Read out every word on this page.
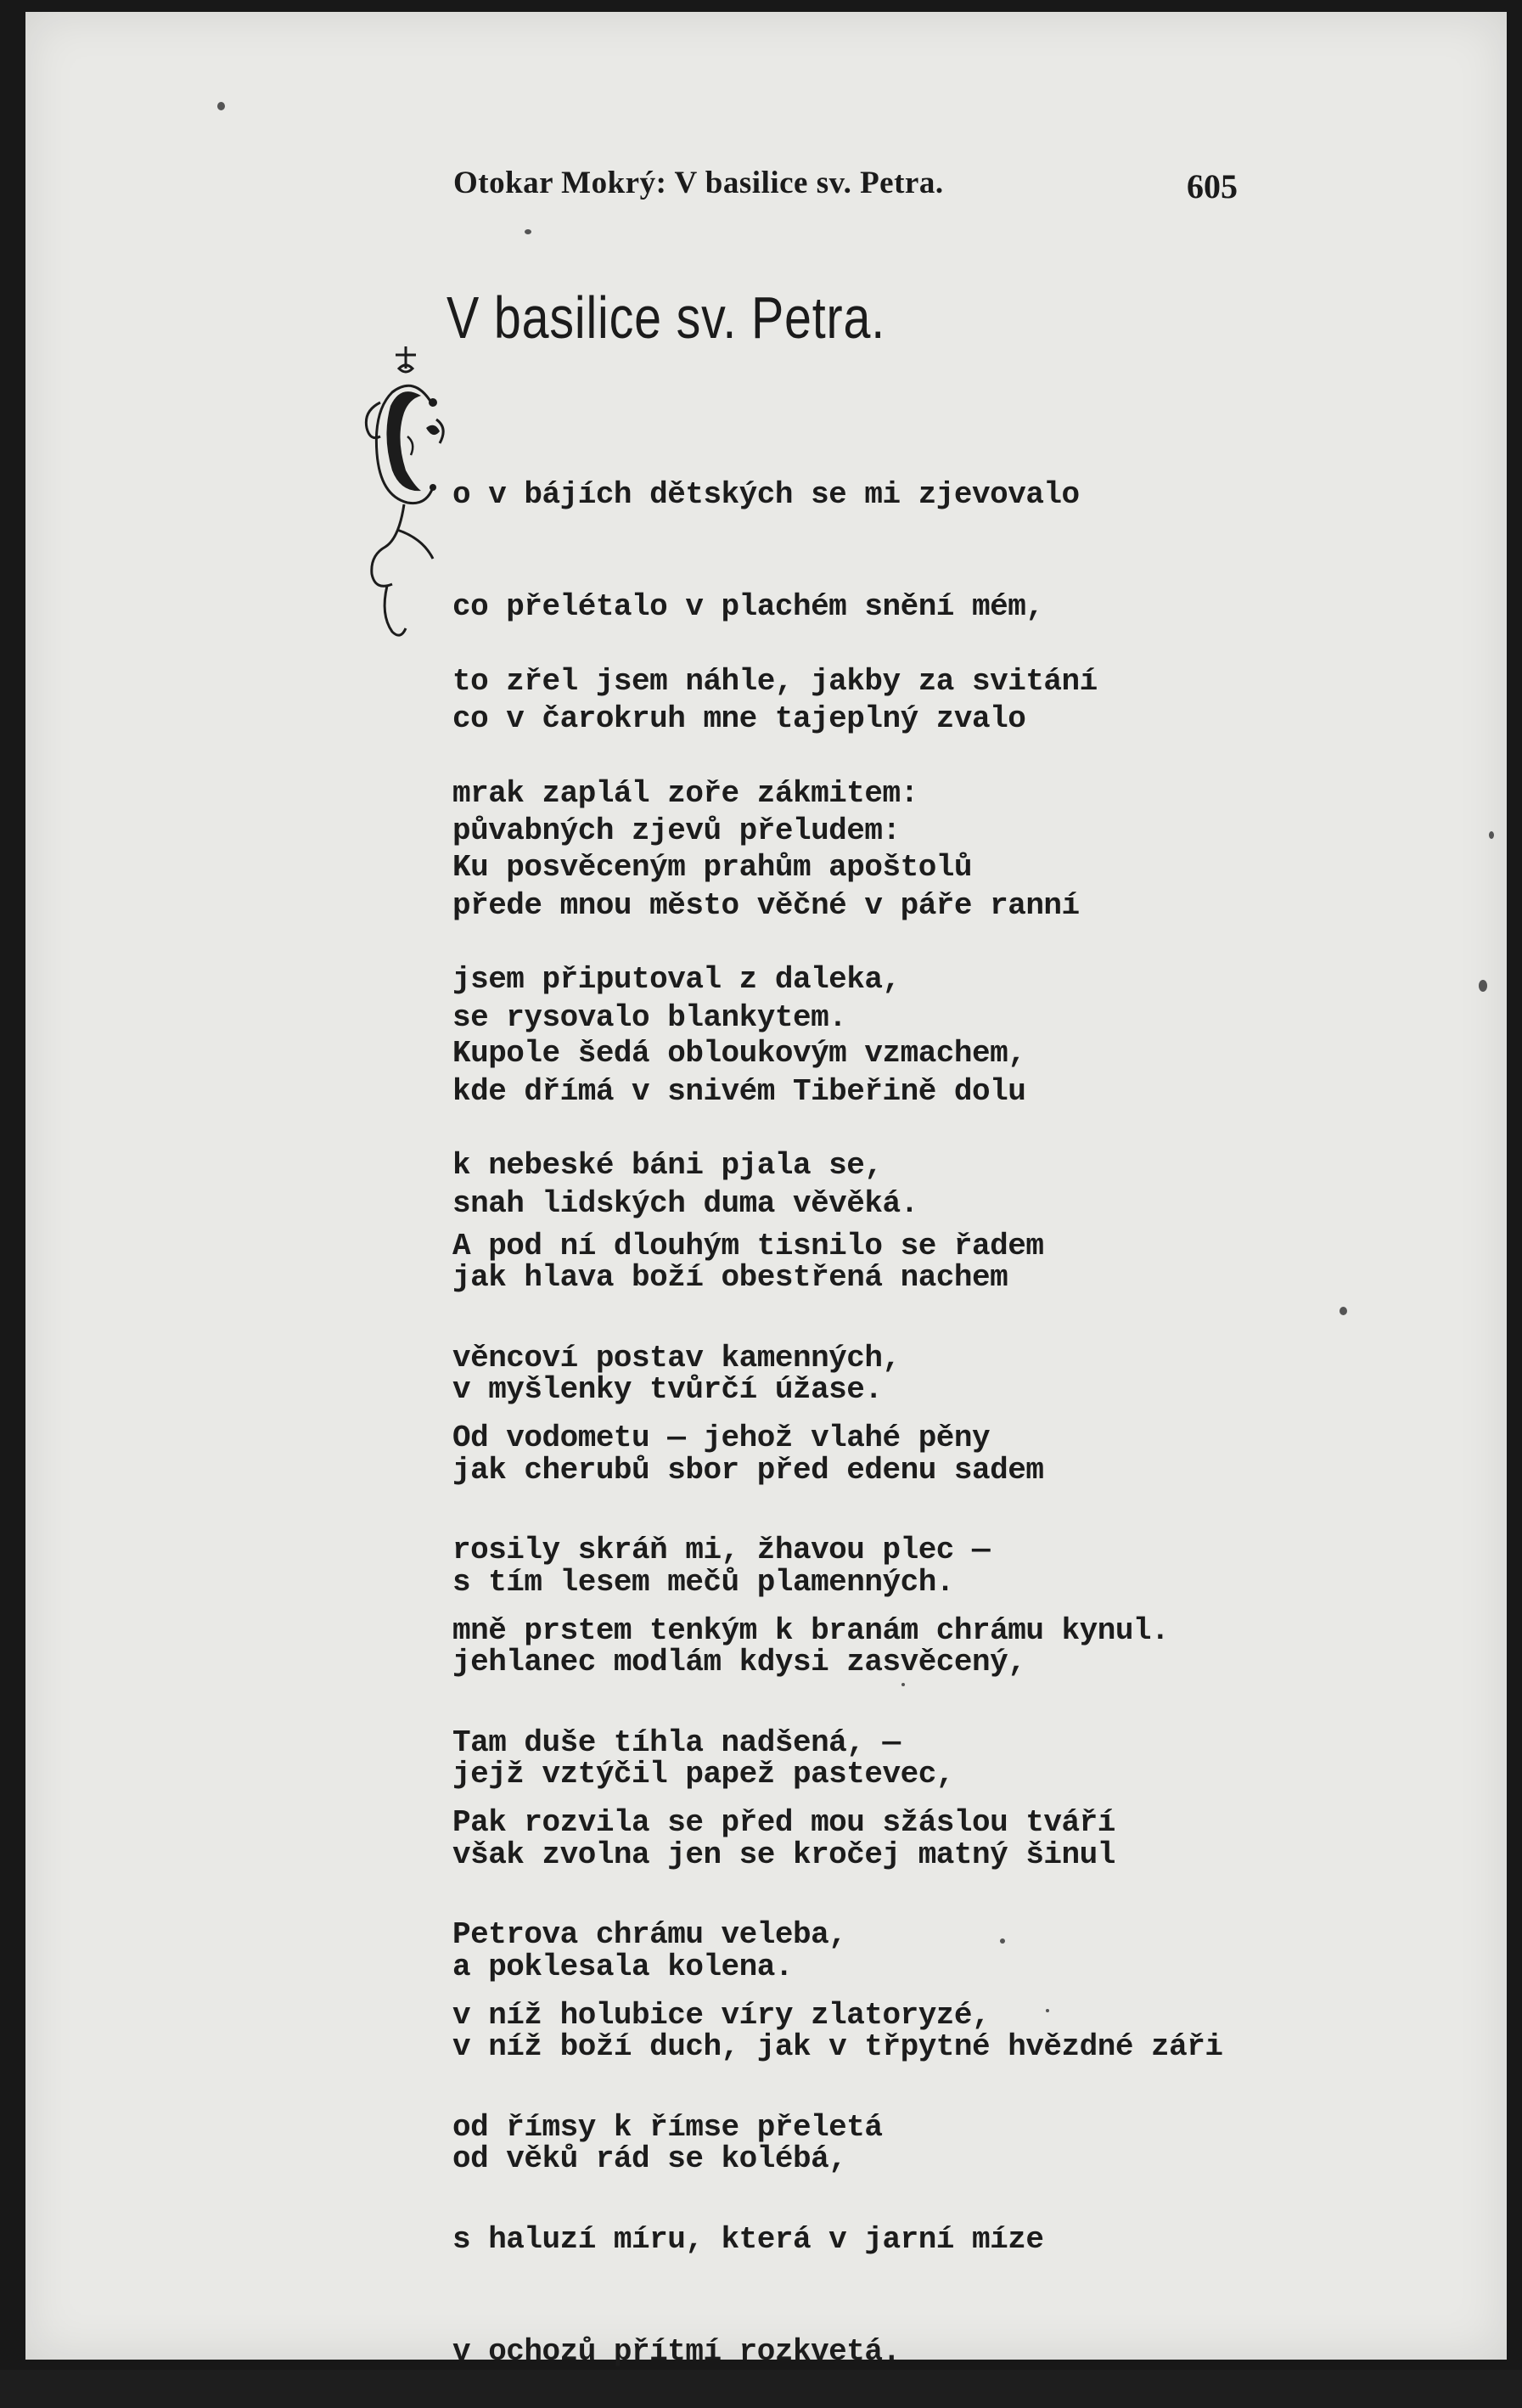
Otokar Mokrý: V basilice sv. Petra.	605
V basilice sv. Petra.

o v bájích dětských se mi zjevovalo

co přelétalo v plachém snění mém,

co v čarokruh mne tajeplný zvalo

půvabných zjevů přeludem:

to zřel jsem náhle, jakby za svitání

mrak zaplál zoře zákmitem:

přede mnou město věčné v páře ranní

se rysovalo blankytem.

Ku posvěceným prahům apoštolů

jsem připutoval z daleka,

kde dřímá v snivém Tibeřině dolu

snah lidských duma věvěká.

Kupole šedá obloukovým vzmachem,

k nebeské báni pjala se,

jak hlava boží obestřená nachem

v myšlenky tvůrčí úžase.

A pod ní dlouhým tisnilo se řadem

věncoví postav kamenných,

jak cherubů sbor před edenu sadem

s tím lesem mečů plamenných.

Od vodometu — jehož vlahé pěny

rosily skráň mi, žhavou plec —

jehlanec modlám kdysi zasvěcený,

jejž vztýčil papež pastevec,

mně prstem tenkým k branám chrámu kynul.

Tam duše tíhla nadšená, —

však zvolna jen se kročej matný šinul

a poklesala kolena.

Pak rozvila se před mou sžáslou tváří

Petrova chrámu veleba,

v níž boží duch, jak v třpytné hvězdné záři

od věků rád se kolébá,

v níž holubice víry zlatoryzé,

od římsy k římse přeletá

s haluzí míru, která v jarní míze

v ochozů přítmí rozkvetá.
